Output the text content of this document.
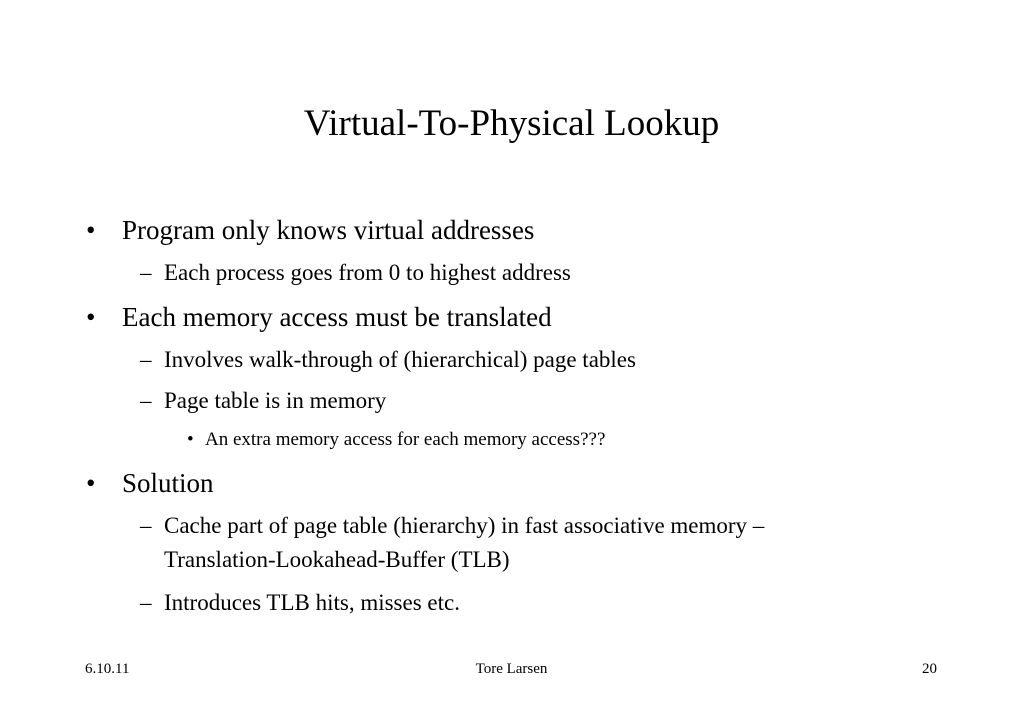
Virtual-To-Physical Lookup
• Program only knows virtual addresses
– Each process goes from 0 to highest address
• Each memory access must be translated
– Involves walk-through of (hierarchical) page tables
– Page table is in memory
• An extra memory access for each memory access???
• Solution
– Cache part of page table (hierarchy) in fast associative memory –
Translation-Lookahead-Buffer (TLB)
– Introduces TLB hits, misses etc.
6.10.11	Tore Larsen	20
